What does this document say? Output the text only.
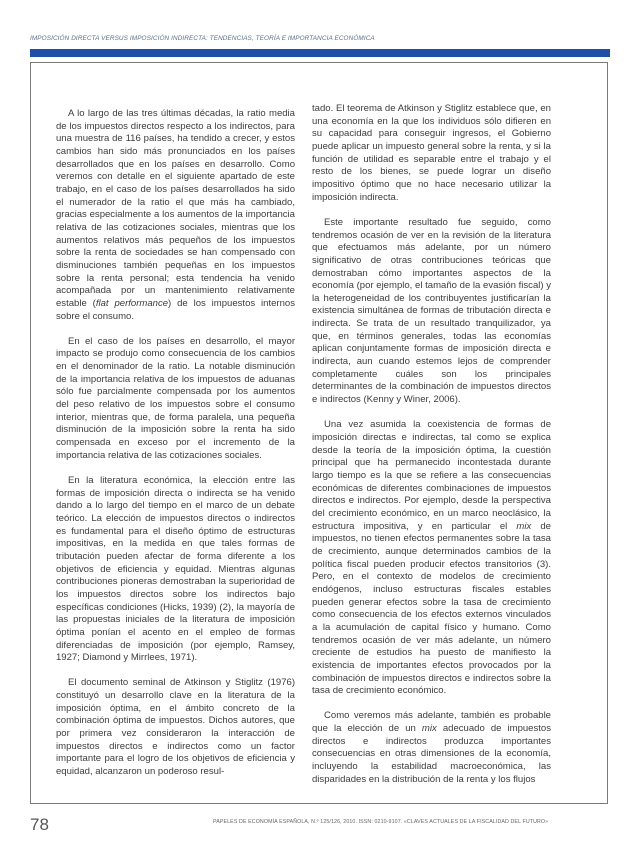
IMPOSICIÓN DIRECTA VERSUS IMPOSICIÓN INDIRECTA: TENDENCIAS, TEORÍA E IMPORTANCIA ECONÓMICA

A lo largo de las tres últimas décadas, la ratio media de los impuestos directos respecto a los indirectos, para una muestra de 116 países, ha tendido a crecer, y estos cambios han sido más pronunciados en los países desarrollados que en los países en desarrollo. Como veremos con detalle en el siguiente apartado de este trabajo, en el caso de los países desarrollados ha sido el numerador de la ratio el que más ha cambiado, gracias especialmente a los aumentos de la importancia relativa de las cotizaciones sociales, mientras que los aumentos relativos más pequeños de los impuestos sobre la renta de sociedades se han compensado con disminuciones también pequeñas en los impuestos sobre la renta personal; esta tendencia ha venido acompañada por un mantenimiento relativamente estable (flat performance) de los impuestos internos sobre el consumo.

En el caso de los países en desarrollo, el mayor impacto se produjo como consecuencia de los cambios en el denominador de la ratio. La notable disminución de la importancia relativa de los impuestos de aduanas sólo fue parcialmente compensada por los aumentos del peso relativo de los impuestos sobre el consumo interior, mientras que, de forma paralela, una pequeña disminución de la imposición sobre la renta ha sido compensada en exceso por el incremento de la importancia relativa de las cotizaciones sociales.

En la literatura económica, la elección entre las formas de imposición directa o indirecta se ha venido dando a lo largo del tiempo en el marco de un debate teórico. La elección de impuestos directos o indirectos es fundamental para el diseño óptimo de estructuras impositivas, en la medida en que tales formas de tributación pueden afectar de forma diferente a los objetivos de eficiencia y equidad. Mientras algunas contribuciones pioneras demostraban la superioridad de los impuestos directos sobre los indirectos bajo específicas condiciones (Hicks, 1939) (2), la mayoría de las propuestas iniciales de la literatura de imposición óptima ponían el acento en el empleo de formas diferenciadas de imposición (por ejemplo, Ramsey, 1927; Diamond y Mirrlees, 1971).

El documento seminal de Atkinson y Stiglitz (1976) constituyó un desarrollo clave en la literatura de la imposición óptima, en el ámbito concreto de la combinación óptima de impuestos. Dichos autores, que por primera vez consideraron la interacción de impuestos directos e indirectos como un factor importante para el logro de los objetivos de eficiencia y equidad, alcanzaron un poderoso resul-

tado. El teorema de Atkinson y Stiglitz establece que, en una economía en la que los individuos sólo difieren en su capacidad para conseguir ingresos, el Gobierno puede aplicar un impuesto general sobre la renta, y si la función de utilidad es separable entre el trabajo y el resto de los bienes, se puede lograr un diseño impositivo óptimo que no hace necesario utilizar la imposición indirecta.

Este importante resultado fue seguido, como tendremos ocasión de ver en la revisión de la literatura que efectuamos más adelante, por un número significativo de otras contribuciones teóricas que demostraban cómo importantes aspectos de la economía (por ejemplo, el tamaño de la evasión fiscal) y la heterogeneidad de los contribuyentes justificarían la existencia simultánea de formas de tributación directa e indirecta. Se trata de un resultado tranquilizador, ya que, en términos generales, todas las economías aplican conjuntamente formas de imposición directa e indirecta, aun cuando estemos lejos de comprender completamente cuáles son los principales determinantes de la combinación de impuestos directos e indirectos (Kenny y Winer, 2006).

Una vez asumida la coexistencia de formas de imposición directas e indirectas, tal como se explica desde la teoría de la imposición óptima, la cuestión principal que ha permanecido incontestada durante largo tiempo es la que se refiere a las consecuencias económicas de diferentes combinaciones de impuestos directos e indirectos. Por ejemplo, desde la perspectiva del crecimiento económico, en un marco neoclásico, la estructura impositiva, y en particular el mix de impuestos, no tienen efectos permanentes sobre la tasa de crecimiento, aunque determinados cambios de la política fiscal pueden producir efectos transitorios (3). Pero, en el contexto de modelos de crecimiento endógenos, incluso estructuras fiscales estables pueden generar efectos sobre la tasa de crecimiento como consecuencia de los efectos externos vinculados a la acumulación de capital físico y humano. Como tendremos ocasión de ver más adelante, un número creciente de estudios ha puesto de manifiesto la existencia de importantes efectos provocados por la combinación de impuestos directos e indirectos sobre la tasa de crecimiento económico.

Como veremos más adelante, también es probable que la elección de un mix adecuado de impuestos directos e indirectos produzca importantes consecuencias en otras dimensiones de la economía, incluyendo la estabilidad macroeconómica, las disparidades en la distribución de la renta y los flujos

78	PAPELES DE ECONOMÍA ESPAÑOLA, N.º 125/126, 2010. ISSN: 0210-9107. «CLAVES ACTUALES DE LA FISCALIDAD DEL FUTURO»
